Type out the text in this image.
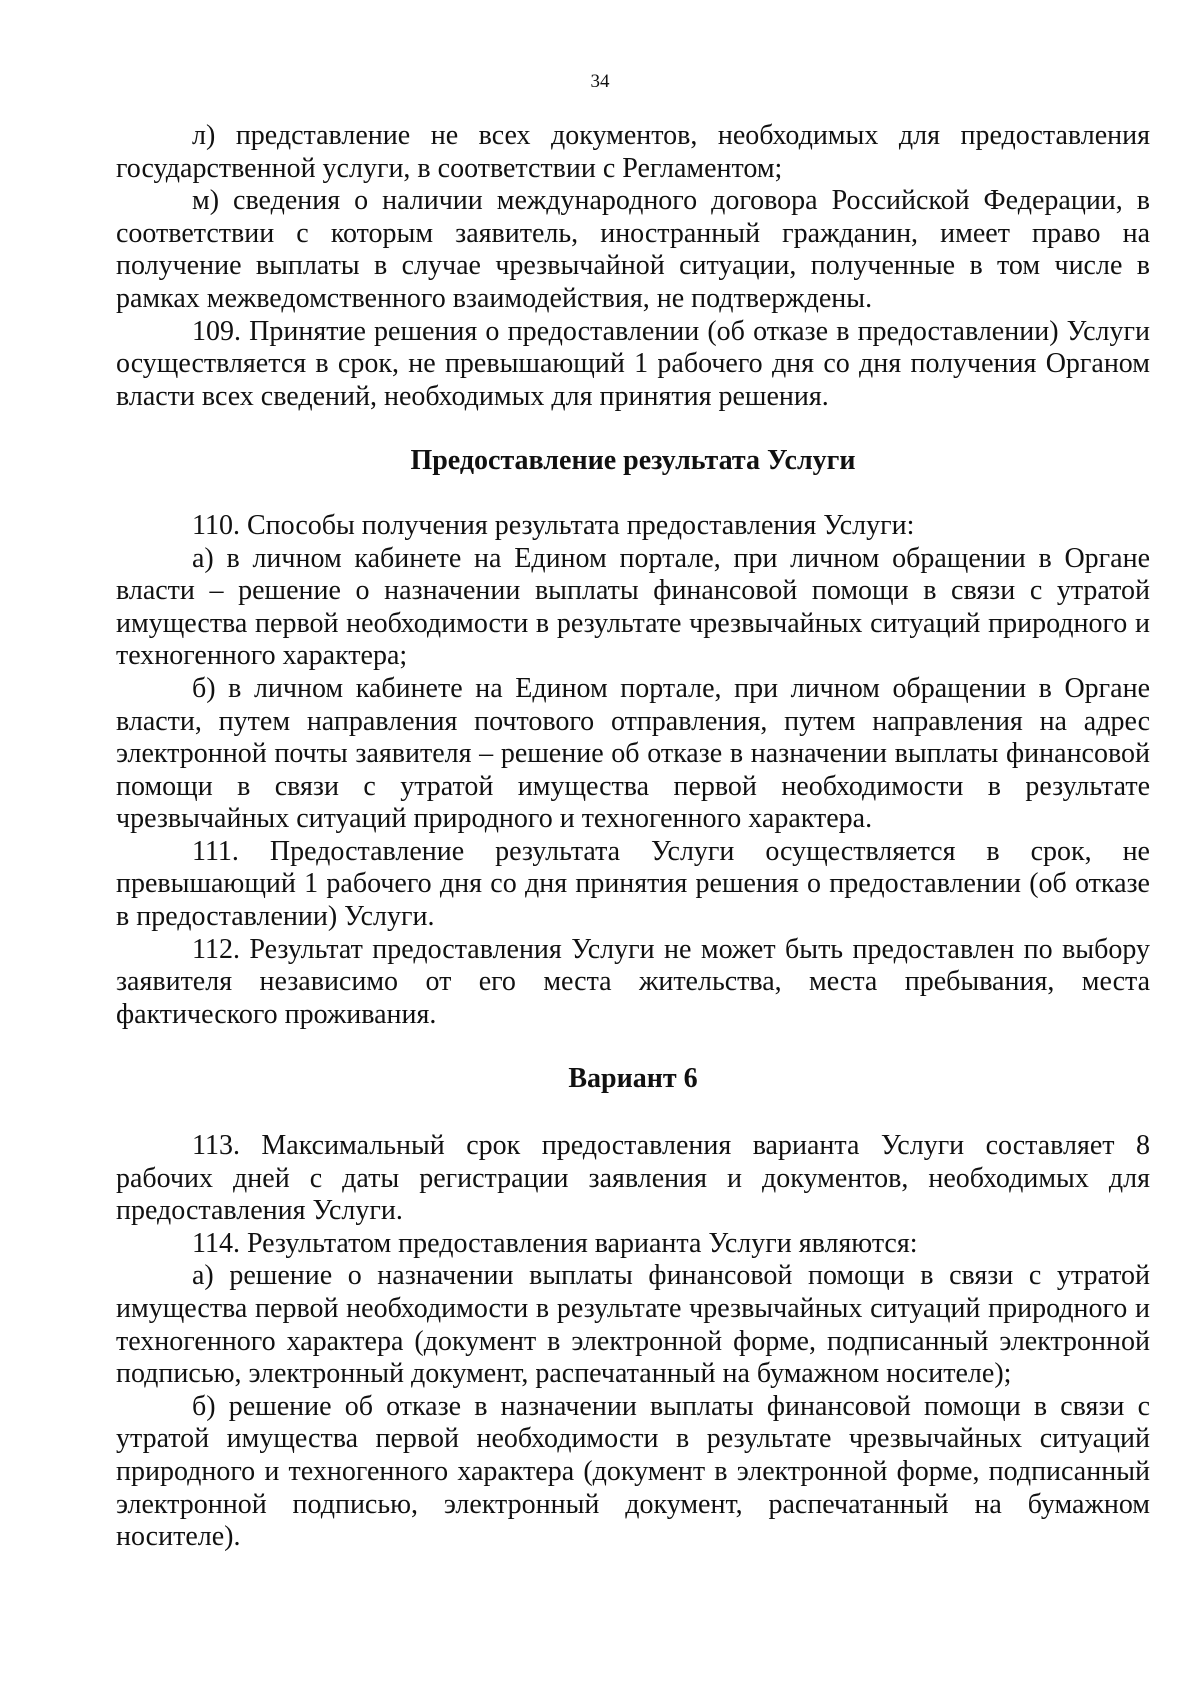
34

л) представление не всех документов, необходимых для предоставления государственной услуги, в соответствии с Регламентом;

м) сведения о наличии международного договора Российской Федерации, в соответствии с которым заявитель, иностранный гражданин, имеет право на получение выплаты в случае чрезвычайной ситуации, полученные в том числе в рамках межведомственного взаимодействия, не подтверждены.

109. Принятие решения о предоставлении (об отказе в предоставлении) Услуги осуществляется в срок, не превышающий 1 рабочего дня со дня получения Органом власти всех сведений, необходимых для принятия решения.

Предоставление результата Услуги

110. Способы получения результата предоставления Услуги:

а) в личном кабинете на Едином портале, при личном обращении в Органе власти – решение о назначении выплаты финансовой помощи в связи с утратой имущества первой необходимости в результате чрезвычайных ситуаций природного и техногенного характера;

б) в личном кабинете на Едином портале, при личном обращении в Органе власти, путем направления почтового отправления, путем направления на адрес электронной почты заявителя – решение об отказе в назначении выплаты финансовой помощи в связи с утратой имущества первой необходимости в результате чрезвычайных ситуаций природного и техногенного характера.

111. Предоставление результата Услуги осуществляется в срок, не превышающий 1 рабочего дня со дня принятия решения о предоставлении (об отказе в предоставлении) Услуги.

112. Результат предоставления Услуги не может быть предоставлен по выбору заявителя независимо от его места жительства, места пребывания, места фактического проживания.

Вариант 6

113. Максимальный срок предоставления варианта Услуги составляет 8 рабочих дней с даты регистрации заявления и документов, необходимых для предоставления Услуги.

114. Результатом предоставления варианта Услуги являются:

а) решение о назначении выплаты финансовой помощи в связи с утратой имущества первой необходимости в результате чрезвычайных ситуаций природного и техногенного характера (документ в электронной форме, подписанный электронной подписью, электронный документ, распечатанный на бумажном носителе);

б) решение об отказе в назначении выплаты финансовой помощи в связи с утратой имущества первой необходимости в результате чрезвычайных ситуаций природного и техногенного характера (документ в электронной форме, подписанный электронной подписью, электронный документ, распечатанный на бумажном носителе).
